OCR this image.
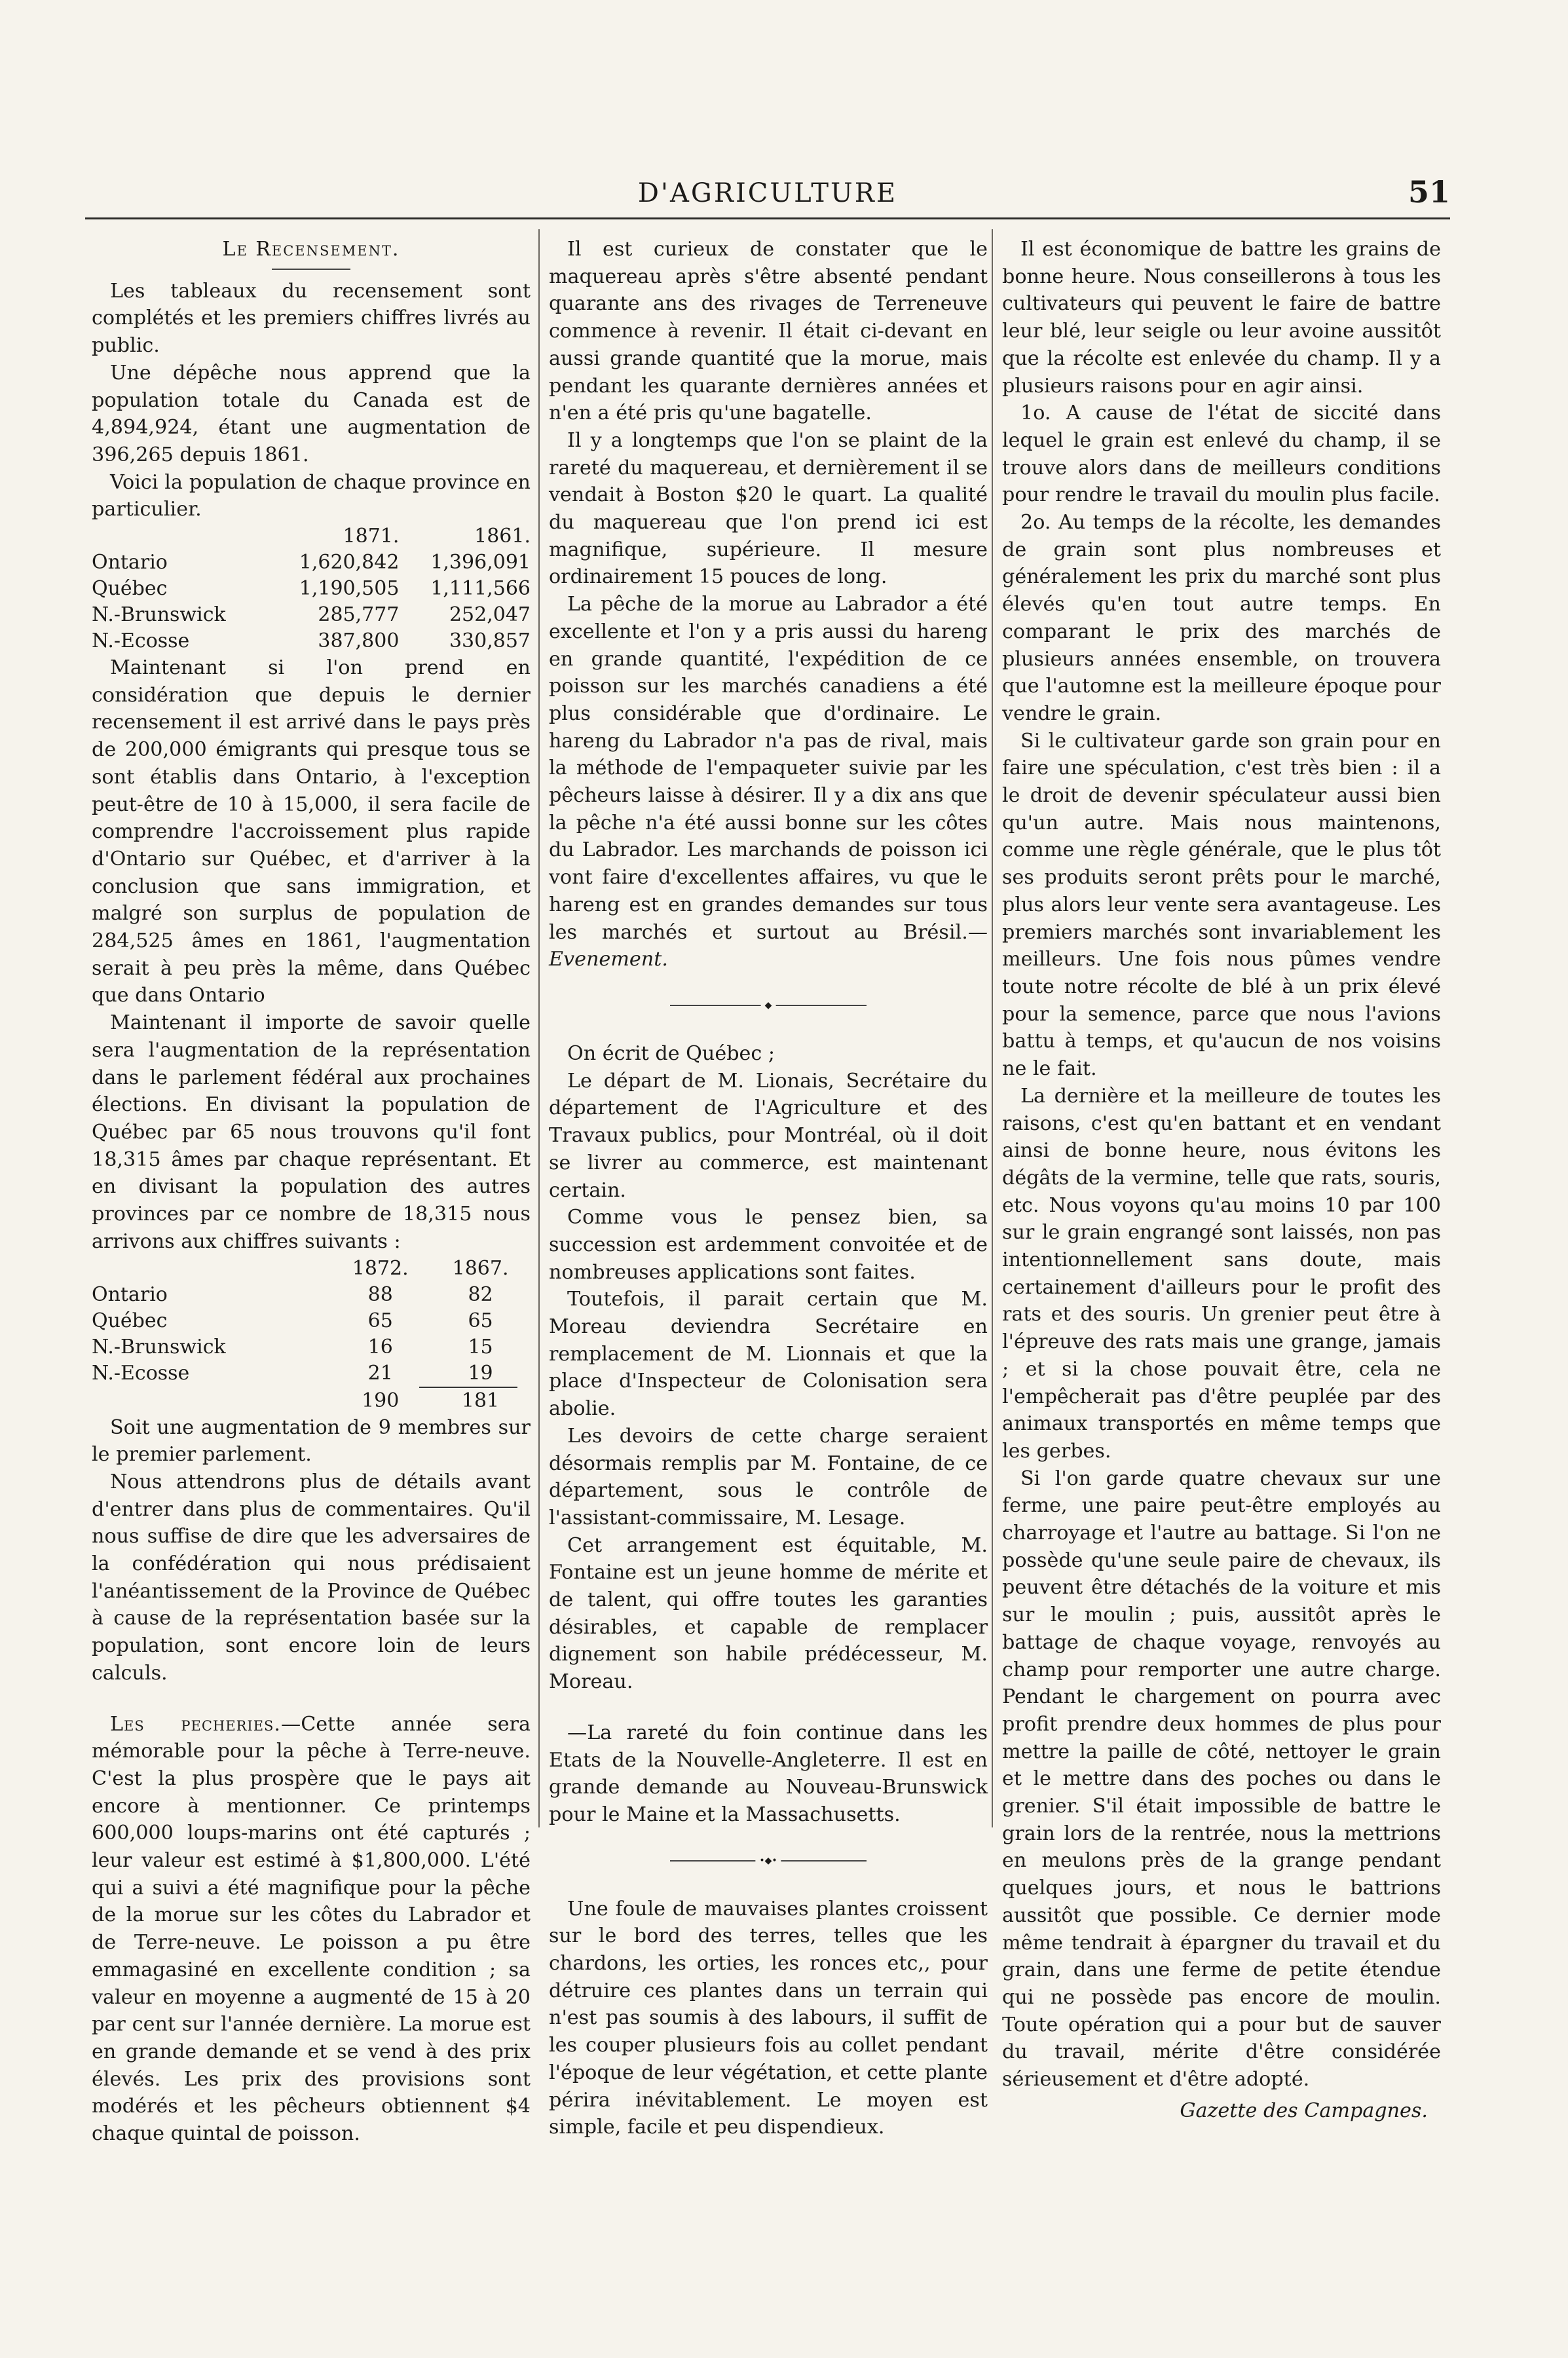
D'AGRICULTURE	51
Le Recensement.

Les tableaux du recensement sont complétés et les premiers chiffres livrés au public.

Une dépêche nous apprend que la population totale du Canada est de 4,894,924, étant une augmentation de 396,265 depuis 1861.

Voici la population de chaque province en particulier.

	1871.	1861.
Ontario	1,620,842	1,396,091
Québec	1,190,505	1,111,566
N.-Brunswick	285,777	252,047
N.-Ecosse	387,800	330,857

Maintenant si l'on prend en considération que depuis le dernier recensement il est arrivé dans le pays près de 200,000 émigrants qui presque tous se sont établis dans Ontario, à l'exception peut-être de 10 à 15,000, il sera facile de comprendre l'accroissement plus rapide d'Ontario sur Québec, et d'arriver à la conclusion que sans immigration, et malgré son surplus de population de 284,525 âmes en 1861, l'augmentation serait à peu près la même, dans Québec que dans Ontario

Maintenant il importe de savoir quelle sera l'augmentation de la représentation dans le parlement fédéral aux prochaines élections. En divisant la population de Québec par 65 nous trouvons qu'il font 18,315 âmes par chaque représentant. Et en divisant la population des autres provinces par ce nombre de 18,315 nous arrivons aux chiffres suivants :

	1872.	1867.
Ontario	88	82
Québec	65	65
N.-Brunswick	16	15
N.-Ecosse	21	19

	190	181

Soit une augmentation de 9 membres sur le premier parlement.

Nous attendrons plus de détails avant d'entrer dans plus de commentaires. Qu'il nous suffise de dire que les adversaires de la confédération qui nous prédisaient l'anéantissement de la Province de Québec à cause de la représentation basée sur la population, sont encore loin de leurs calculs.

Les pecheries.—Cette année sera mémorable pour la pêche à Terre-neuve. C'est la plus prospère que le pays ait encore à mentionner. Ce printemps 600,000 loups-marins ont été capturés ; leur valeur est estimé à $1,800,000. L'été qui a suivi a été magnifique pour la pêche de la morue sur les côtes du Labrador et de Terre-neuve. Le poisson a pu être emmagasiné en excellente condition ; sa valeur en moyenne a augmenté de 15 à 20 par cent sur l'année dernière. La morue est en grande demande et se vend à des prix élevés. Les prix des provisions sont modérés et les pêcheurs obtiennent $4 chaque quintal de poisson.

Il est curieux de constater que le maquereau après s'être absenté pendant quarante ans des rivages de Terreneuve commence à revenir. Il était ci-devant en aussi grande quantité que la morue, mais pendant les quarante dernières années et n'en a été pris qu'une bagatelle.

Il y a longtemps que l'on se plaint de la rareté du maquereau, et dernièrement il se vendait à Boston $20 le quart. La qualité du maquereau que l'on prend ici est magnifique, supérieure. Il mesure ordinairement 15 pouces de long.

La pêche de la morue au Labrador a été excellente et l'on y a pris aussi du hareng en grande quantité, l'expédition de ce poisson sur les marchés canadiens a été plus considérable que d'ordinaire. Le hareng du Labrador n'a pas de rival, mais la méthode de l'empaqueter suivie par les pêcheurs laisse à désirer. Il y a dix ans que la pêche n'a été aussi bonne sur les côtes du Labrador. Les marchands de poisson ici vont faire d'excellentes affaires, vu que le hareng est en grandes demandes sur tous les marchés et surtout au Brésil.—Evenement.

◆

On écrit de Québec ;

Le départ de M. Lionais, Secrétaire du département de l'Agriculture et des Travaux publics, pour Montréal, où il doit se livrer au commerce, est maintenant certain.

Comme vous le pensez bien, sa succession est ardemment convoitée et de nombreuses applications sont faites.

Toutefois, il parait certain que M. Moreau deviendra Secrétaire en remplacement de M. Lionnais et que la place d'Inspecteur de Colonisation sera abolie.

Les devoirs de cette charge seraient désormais remplis par M. Fontaine, de ce département, sous le contrôle de l'assistant-commissaire, M. Lesage.

Cet arrangement est équitable, M. Fontaine est un jeune homme de mérite et de talent, qui offre toutes les garanties désirables, et capable de remplacer dignement son habile prédécesseur, M. Moreau.

—La rareté du foin continue dans les Etats de la Nouvelle-Angleterre. Il est en grande demande au Nouveau-Brunswick pour le Maine et la Massachusetts.

•◆•

Une foule de mauvaises plantes croissent sur le bord des terres, telles que les chardons, les orties, les ronces etc,, pour détruire ces plantes dans un terrain qui n'est pas soumis à des labours, il suffit de les couper plusieurs fois au collet pendant l'époque de leur végétation, et cette plante périra inévitablement. Le moyen est simple, facile et peu dispendieux.

Il est économique de battre les grains de bonne heure. Nous conseillerons à tous les cultivateurs qui peuvent le faire de battre leur blé, leur seigle ou leur avoine aussitôt que la récolte est enlevée du champ. Il y a plusieurs raisons pour en agir ainsi.

1o. A cause de l'état de siccité dans lequel le grain est enlevé du champ, il se trouve alors dans de meilleurs conditions pour rendre le travail du moulin plus facile.

2o. Au temps de la récolte, les demandes de grain sont plus nombreuses et généralement les prix du marché sont plus élevés qu'en tout autre temps. En comparant le prix des marchés de plusieurs années ensemble, on trouvera que l'automne est la meilleure époque pour vendre le grain.

Si le cultivateur garde son grain pour en faire une spéculation, c'est très bien : il a le droit de devenir spéculateur aussi bien qu'un autre. Mais nous maintenons, comme une règle générale, que le plus tôt ses produits seront prêts pour le marché, plus alors leur vente sera avantageuse. Les premiers marchés sont invariablement les meilleurs. Une fois nous pûmes vendre toute notre récolte de blé à un prix élevé pour la semence, parce que nous l'avions battu à temps, et qu'aucun de nos voisins ne le fait.

La dernière et la meilleure de toutes les raisons, c'est qu'en battant et en vendant ainsi de bonne heure, nous évitons les dégâts de la vermine, telle que rats, souris, etc. Nous voyons qu'au moins 10 par 100 sur le grain engrangé sont laissés, non pas intentionnellement sans doute, mais certainement d'ailleurs pour le profit des rats et des souris. Un grenier peut être à l'épreuve des rats mais une grange, jamais ; et si la chose pouvait être, cela ne l'empêcherait pas d'être peuplée par des animaux transportés en même temps que les gerbes.

Si l'on garde quatre chevaux sur une ferme, une paire peut-être employés au charroyage et l'autre au battage. Si l'on ne possède qu'une seule paire de chevaux, ils peuvent être détachés de la voiture et mis sur le moulin ; puis, aussitôt après le battage de chaque voyage, renvoyés au champ pour remporter une autre charge. Pendant le chargement on pourra avec profit prendre deux hommes de plus pour mettre la paille de côté, nettoyer le grain et le mettre dans des poches ou dans le grenier. S'il était impossible de battre le grain lors de la rentrée, nous la mettrions en meulons près de la grange pendant quelques jours, et nous le battrions aussitôt que possible. Ce dernier mode même tendrait à épargner du travail et du grain, dans une ferme de petite étendue qui ne possède pas encore de moulin. Toute opération qui a pour but de sauver du travail, mérite d'être considérée sérieusement et d'être adopté.

Gazette des Campagnes.
